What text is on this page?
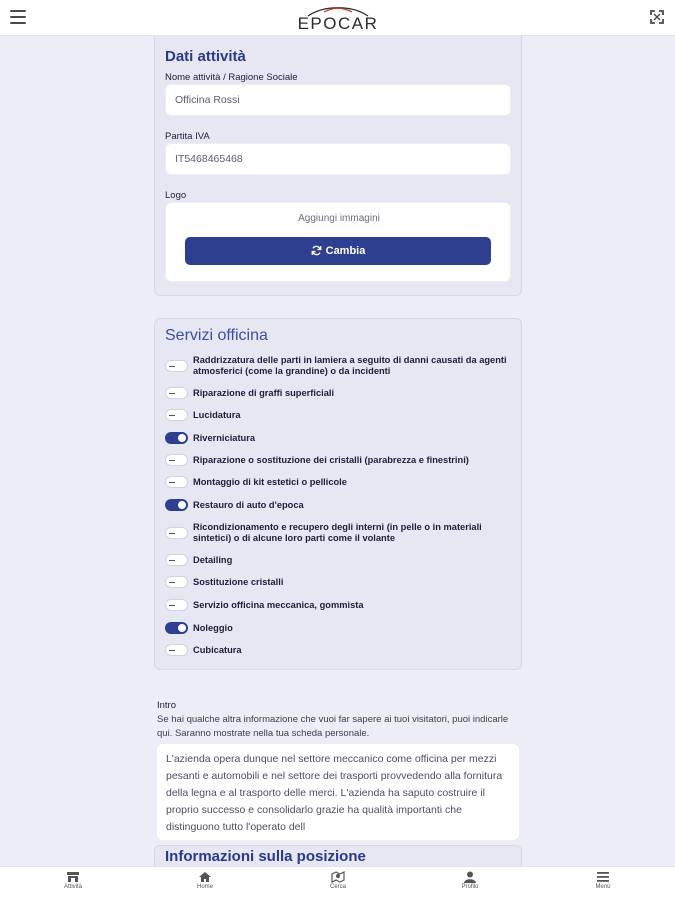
EPOCAR
Dati attività
Nome attività / Ragione Sociale
Officina Rossi
Partita IVA
IT5468465468
Logo
Aggiungi immagini
Cambia
Servizi officina
Raddrizzatura delle parti in lamiera a seguito di danni causati da agenti atmosferici (come la grandine) o da incidenti
Riparazione di graffi superficiali
Lucidatura
Riverniciatura
Riparazione o sostituzione dei cristalli (parabrezza e finestrini)
Montaggio di kit estetici o pellicole
Restauro di auto d'epoca
Ricondizionamento e recupero degli interni (in pelle o in materiali sintetici) o di alcune loro parti come il volante
Detailing
Sostituzione cristalli
Servizio officina meccanica, gommista
Noleggio
Cubicatura
Intro
Se hai qualche altra informazione che vuoi far sapere ai tuoi visitatori, puoi indicarle qui. Saranno mostrate nella tua scheda personale.
L'azienda opera dunque nel settore meccanico come officina per mezzi pesanti e automobili e nel settore dei trasporti provvedendo alla fornitura della legna e al trasporto delle merci. L'azienda ha saputo costruire il proprio successo e consolidarlo grazie ha qualità importanti che distinguono tutto l'operato dell
Informazioni sulla posizione
Attività	Home	Cerca	Profilo	Menù
